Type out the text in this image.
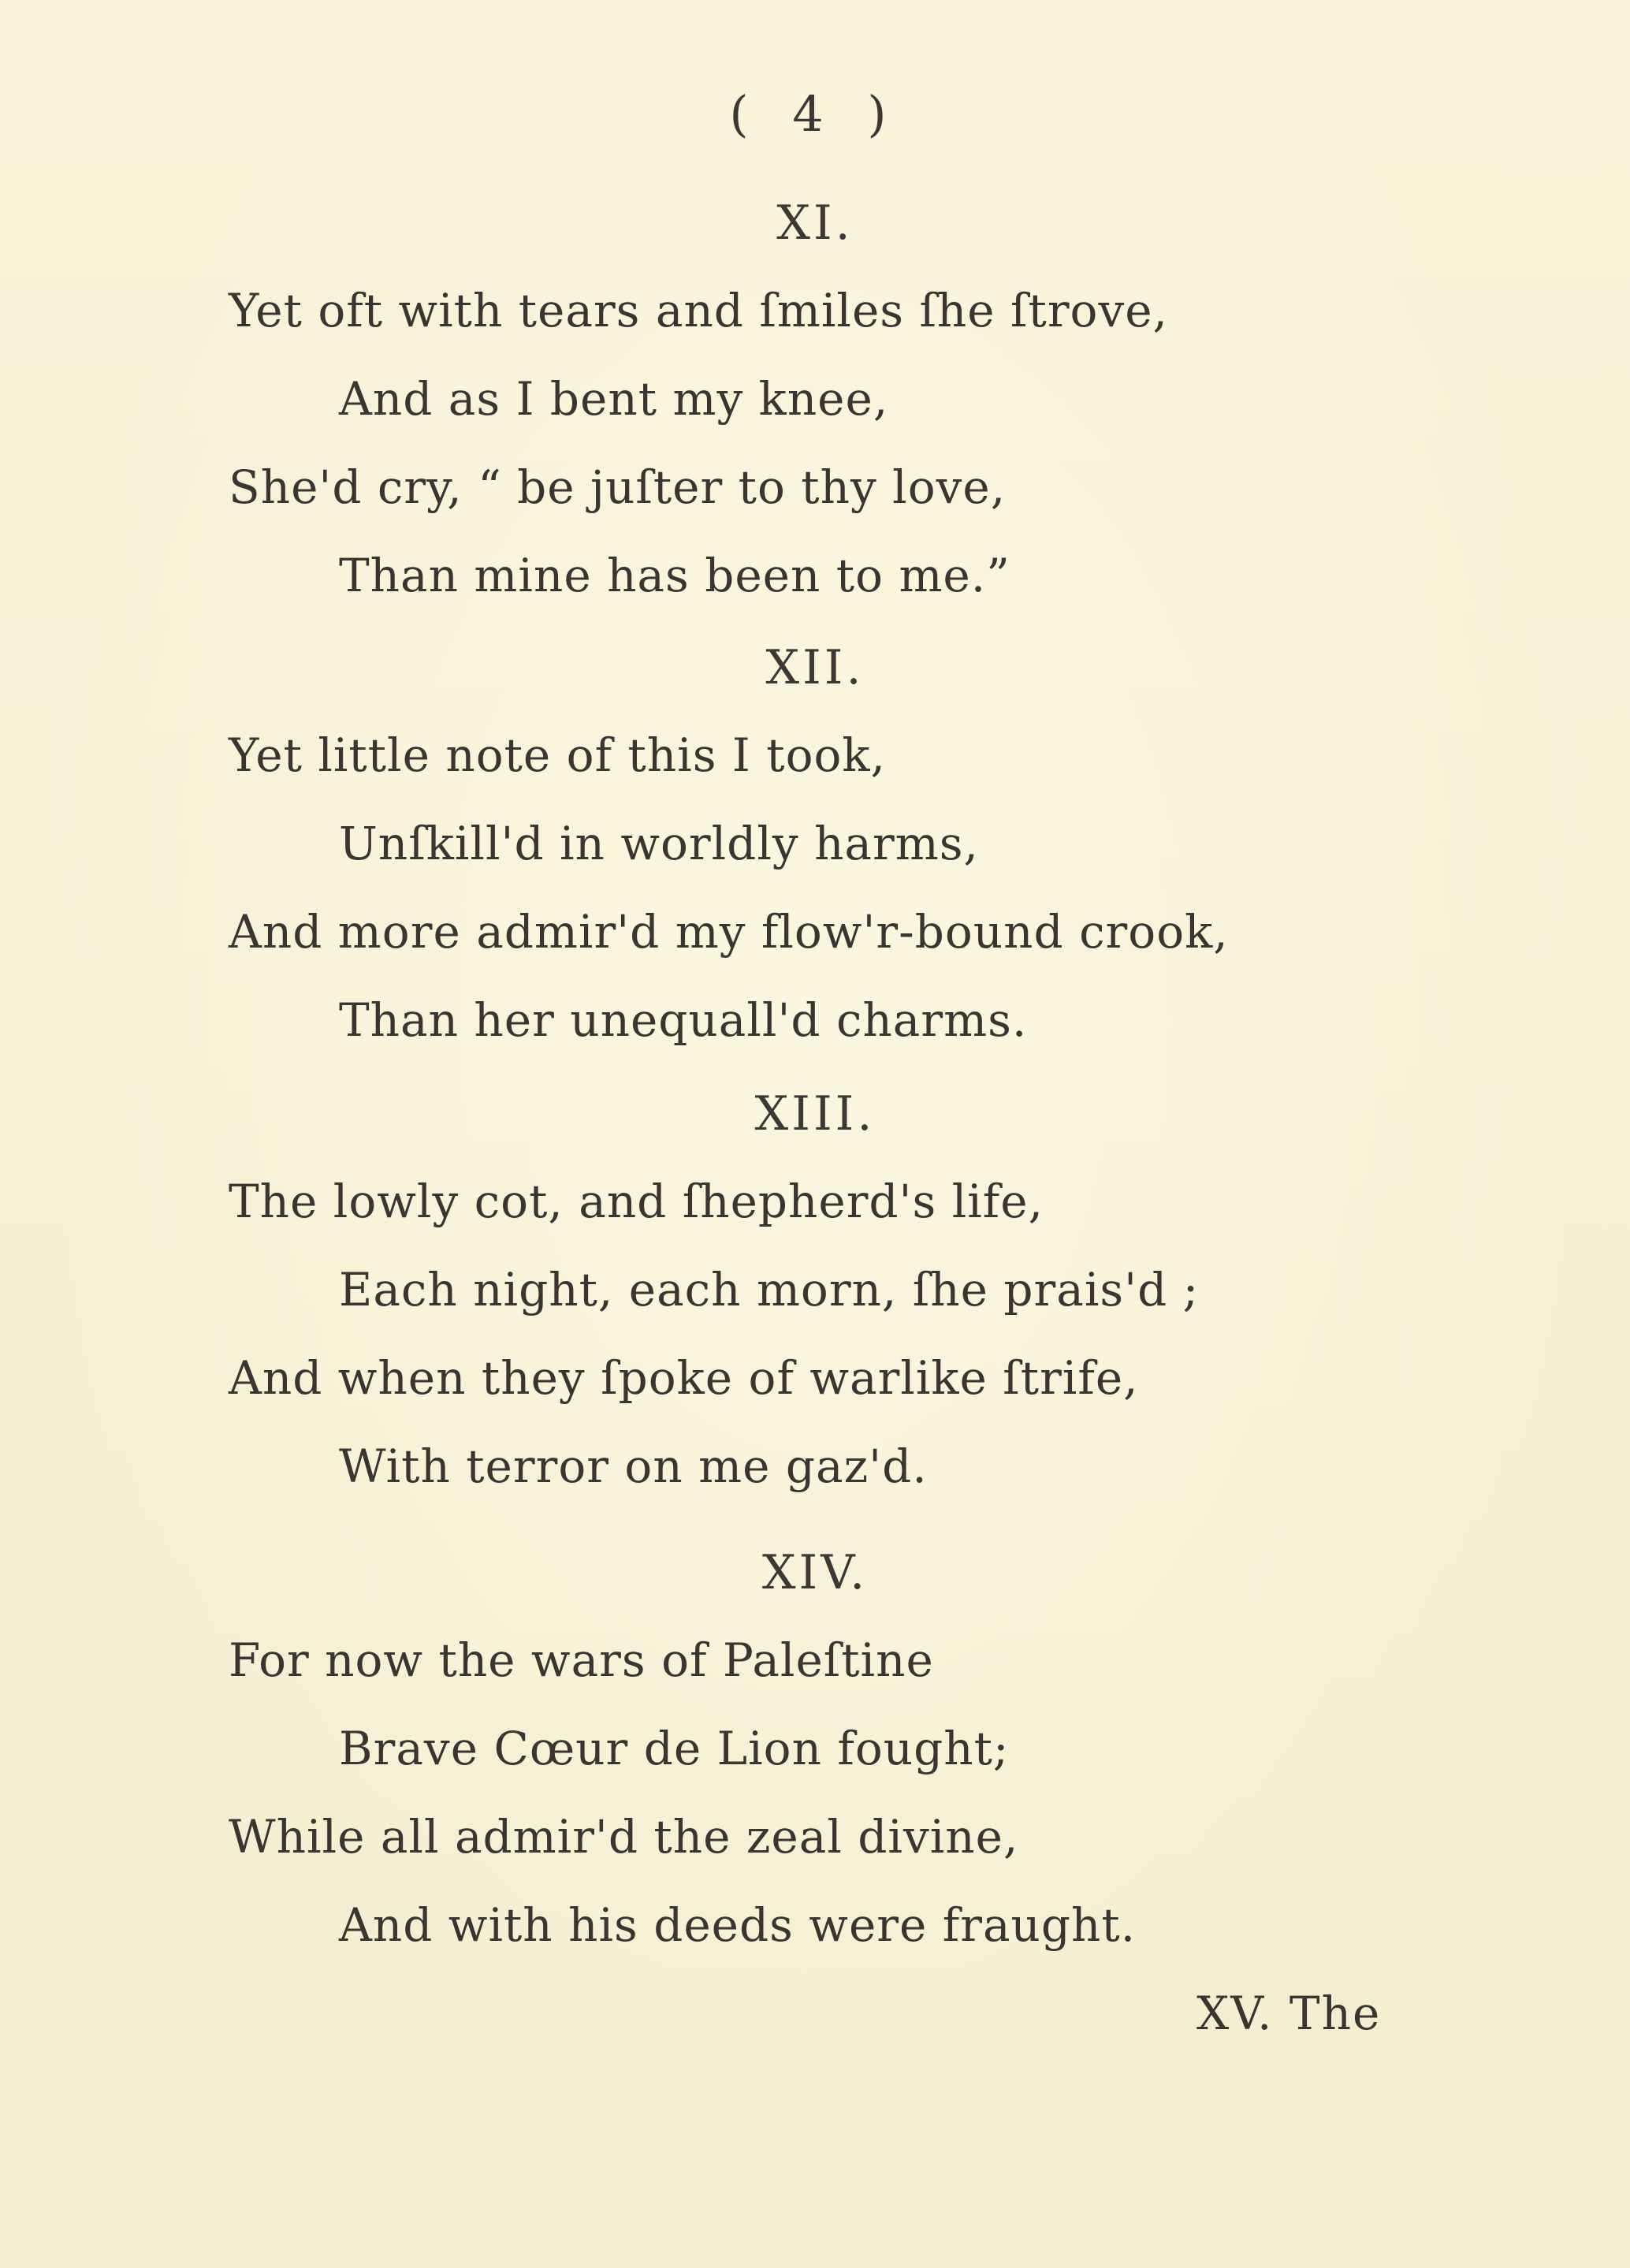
( 4 )
XI.
Yet oft with tears and ſmiles ſhe ſtrove,
And as I bent my knee,
She'd cry, “ be juſter to thy love,
Than mine has been to me.”
XII.
Yet little note of this I took,
Unſkill'd in worldly harms,
And more admir'd my flow'r-bound crook,
Than her unequall'd charms.
XIII.
The lowly cot, and ſhepherd's life,
Each night, each morn, ſhe prais'd ;
And when they ſpoke of warlike ſtrife,
With terror on me gaz'd.
XIV.
For now the wars of Paleſtine
Brave Cœur de Lion fought;
While all admir'd the zeal divine,
And with his deeds were fraught.
XV. The
